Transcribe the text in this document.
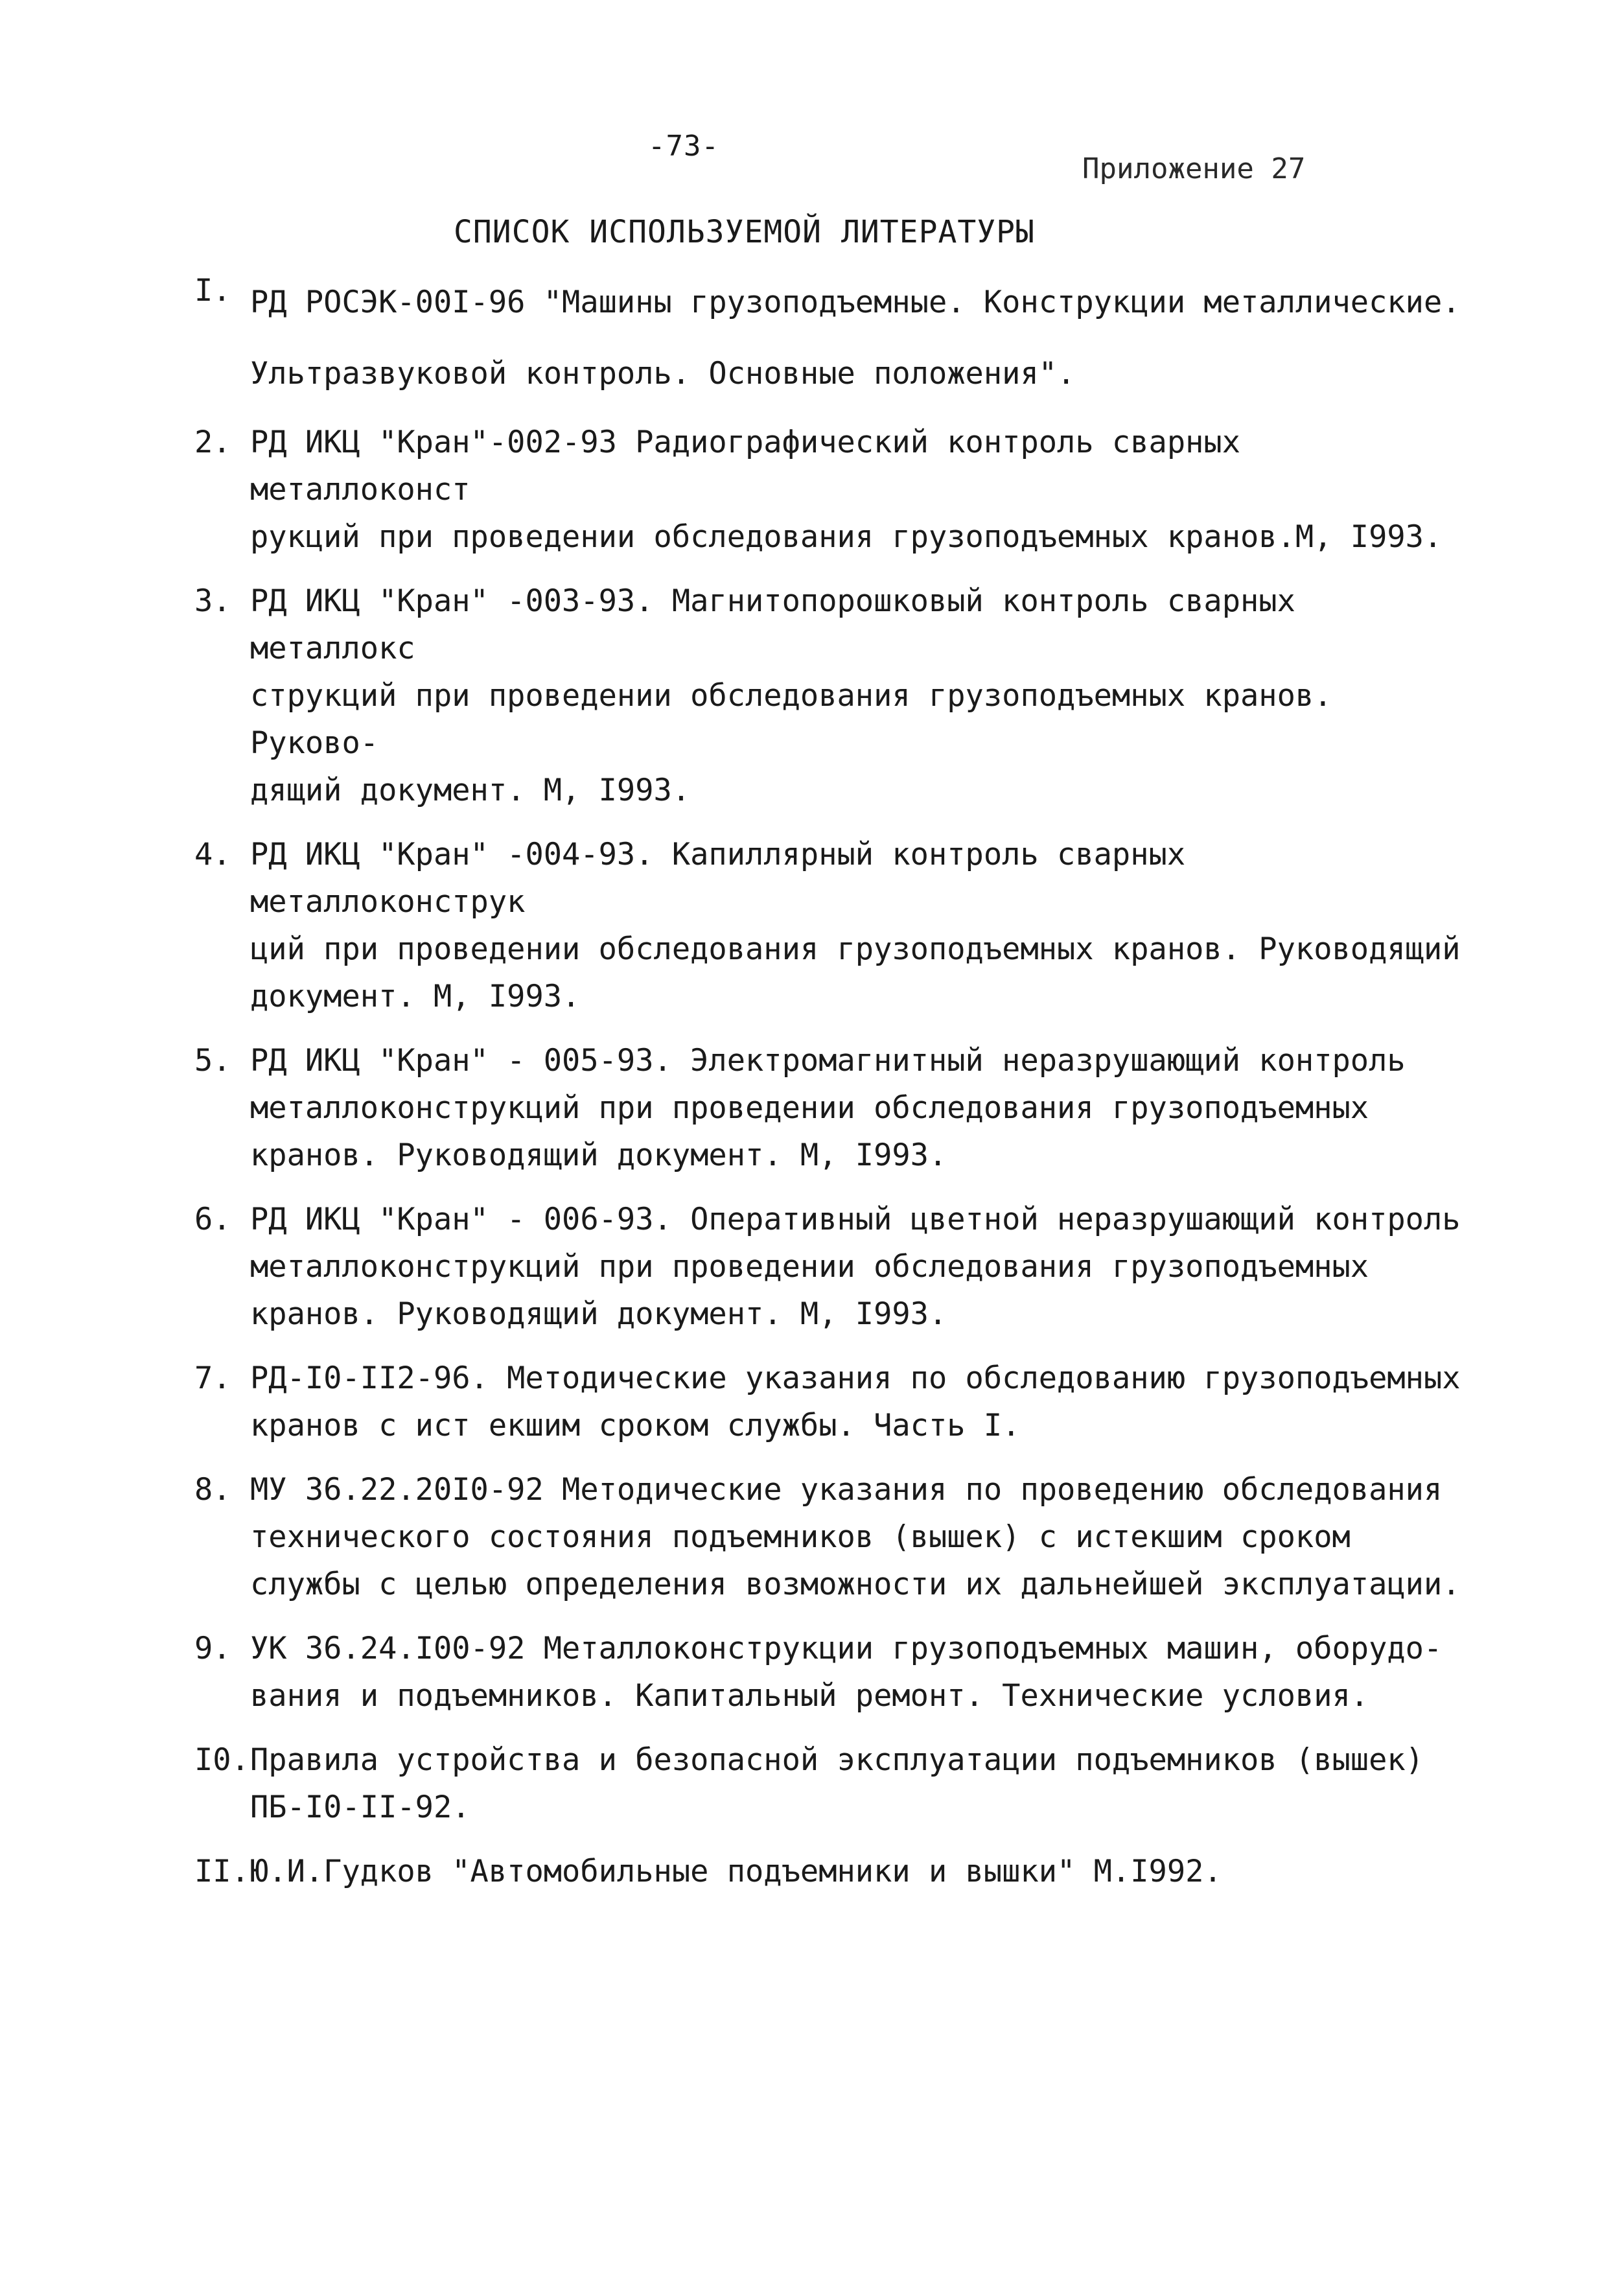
-73-
Приложение 27
СПИСОК ИСПОЛЬЗУЕМОЙ ЛИТЕРАТУРЫ
I. РД РОСЭК-00I-96 "Машины грузоподъемные. Конструкции металлические.
Ультразвуковой контроль. Основные положения".
2. РД ИКЦ "Кран"-002-93 Радиографический контроль сварных металлоконст
рукций при проведении обследования грузоподъемных кранов.М, I993.
3. РД ИКЦ "Кран" -003-93. Магнитопорошковый контроль сварных металлокс
струкций при проведении обследования грузоподъемных кранов. Руково-
дящий документ. М, I993.
4. РД ИКЦ "Кран" -004-93. Капиллярный контроль сварных металлоконструк
ций при проведении обследования грузоподъемных кранов. Руководящий
документ. М, I993.
5. РД ИКЦ "Кран" - 005-93. Электромагнитный неразрушающий контроль
металлоконструкций при проведении обследования грузоподъемных
кранов. Руководящий документ. М, I993.
6. РД ИКЦ "Кран" - 006-93. Оперативный цветной неразрушающий контроль
металлоконструкций при проведении обследования грузоподъемных
кранов. Руководящий документ. М, I993.
7. РД-I0-II2-96. Методические указания по обследованию грузоподъемных
кранов с ист екшим сроком службы. Часть I.
8. МУ 36.22.20I0-92 Методические указания по проведению обследования
технического состояния подъемников (вышек) с истекшим сроком
службы с целью определения возможности их дальнейшей эксплуатации.
9. УК 36.24.I00-92 Металлоконструкции грузоподъемных машин, оборудо-
вания и подъемников. Капитальный ремонт. Технические условия.
I0. Правила устройства и безопасной эксплуатации подъемников (вышек)
ПБ-I0-II-92.
II. Ю.И.Гудков "Автомобильные подъемники и вышки" М.I992.
